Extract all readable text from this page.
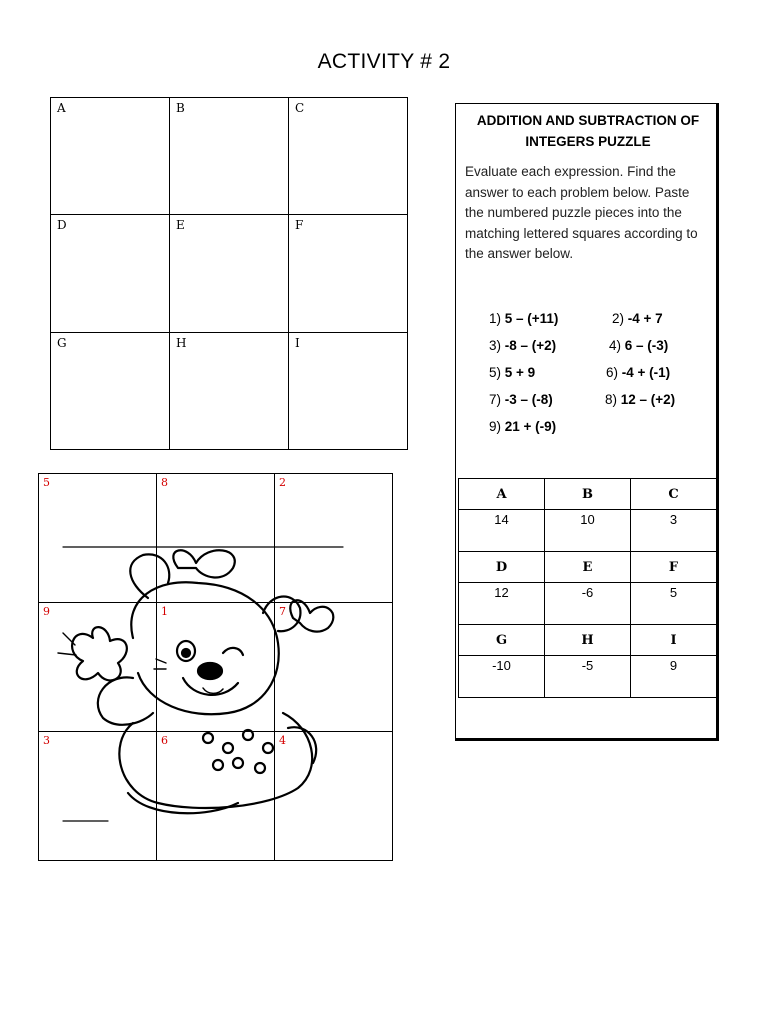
ACTIVITY # 2
A	B	C
D	E	F
G	H	I
5	8	2
9	1	7
3	6	4
ADDITION AND SUBTRACTION OF
INTEGERS PUZZLE
Evaluate each expression. Find the answer to each problem below. Paste the numbered puzzle pieces into the matching lettered squares according to the answer below.
1) 5 – (+11)	2) -4 + 7
3) -8 – (+2)	4) 6 – (-3)
5) 5 + 9	6) -4 + (-1)
7) -3 – (-8)	8) 12 – (+2)
9) 21 + (-9)
A	B	C
14	10	3
D	E	F
12	-6	5
G	H	I
-10	-5	9
